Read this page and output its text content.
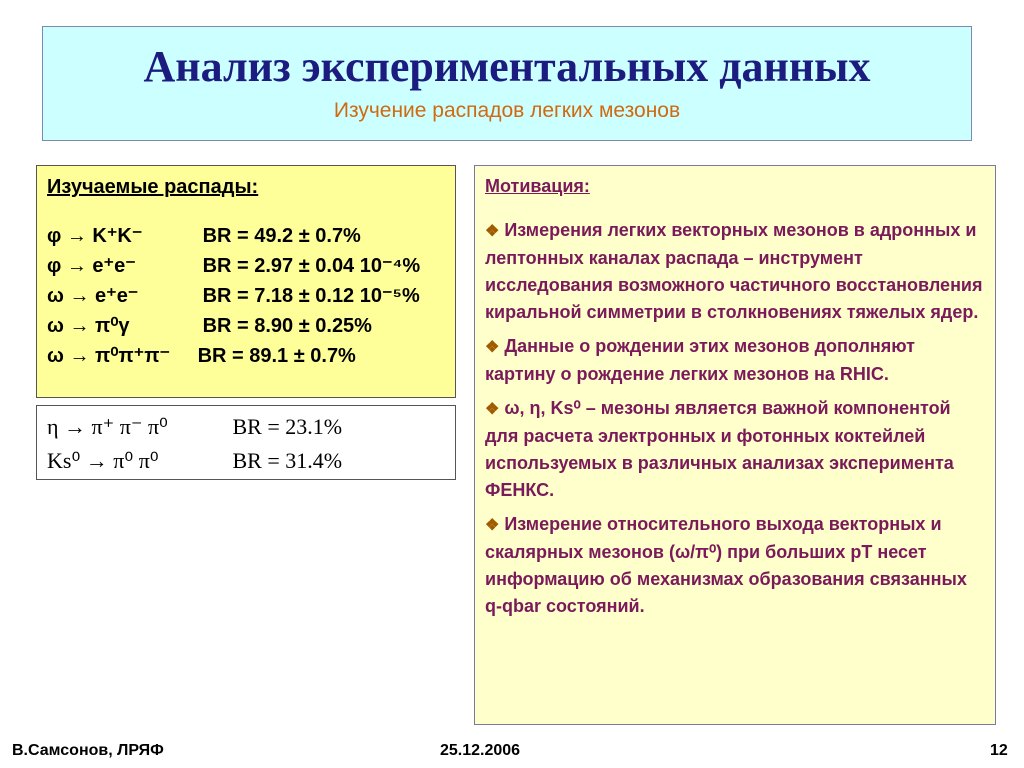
Анализ экспериментальных данных
Изучение распадов легких мезонов
Изучаемые распады:
φ → K⁺K⁻	BR = 49.2 ± 0.7%
φ → e⁺e⁻	BR = 2.97 ± 0.04 10⁻⁴%
ω → e⁺e⁻	BR = 7.18 ± 0.12 10⁻⁵%
ω → π⁰γ	BR = 8.90 ± 0.25%
ω → π⁰π⁺π⁻ BR = 89.1 ± 0.7%
η → π⁺ π⁻ π⁰	BR = 23.1%
Ks⁰ → π⁰ π⁰	BR = 31.4%
Мотивация:
❖ Измерения легких векторных мезонов в адронных и лептонных каналах распада – инструмент исследования возможного частичного восстановления киральной симметрии в столкновениях тяжелых ядер.
❖ Данные о рождении этих мезонов дополняют картину о рождение легких мезонов на RHIC.
❖ ω, η, Ks⁰ – мезоны является важной компонентой для расчета электронных и фотонных коктейлей используемых в различных анализах эксперимента ФЕНКС.
❖ Измерение относительного выхода векторных и скалярных мезонов (ω/π⁰) при больших pT несет информацию об механизмах образования связанных q-qbar состояний.
В.Самсонов, ЛРЯФ	25.12.2006	12
